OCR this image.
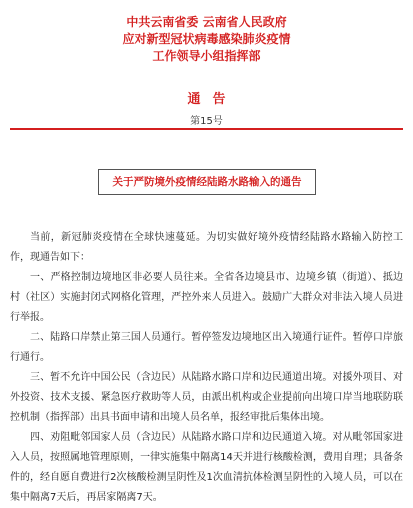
中共云南省委 云南省人民政府
应对新型冠状病毒感染肺炎疫情
工作领导小组指挥部
通告
第15号
关于严防境外疫情经陆路水路输入的通告

当前，新冠肺炎疫情在全球快速蔓延。为切实做好境外疫情经陆路水路输入防控工作，现通告如下：

一、严格控制边境地区非必要人员往来。全省各边境县市、边境乡镇（街道）、抵边村（社区）实施封闭式网格化管理，严控外来人员进入。鼓励广大群众对非法入境人员进行举报。

二、陆路口岸禁止第三国人员通行。暂停签发边境地区出入境通行证件。暂停口岸旅行通行。

三、暂不允许中国公民（含边民）从陆路水路口岸和边民通道出境。对援外项目、对外投资、技术支援、紧急医疗救助等人员，由派出机构或企业提前向出境口岸当地联防联控机制（指挥部）出具书面申请和出境人员名单，报经审批后集体出境。

四、劝阻毗邻国家人员（含边民）从陆路水路口岸和边民通道入境。对从毗邻国家进入人员，按照属地管理原则，一律实施集中隔离14天并进行核酸检测，费用自理；具备条件的，经自愿自费进行2次核酸检测呈阴性及1次血清抗体检测呈阴性的入境人员，可以在集中隔离7天后，再居家隔离7天。
